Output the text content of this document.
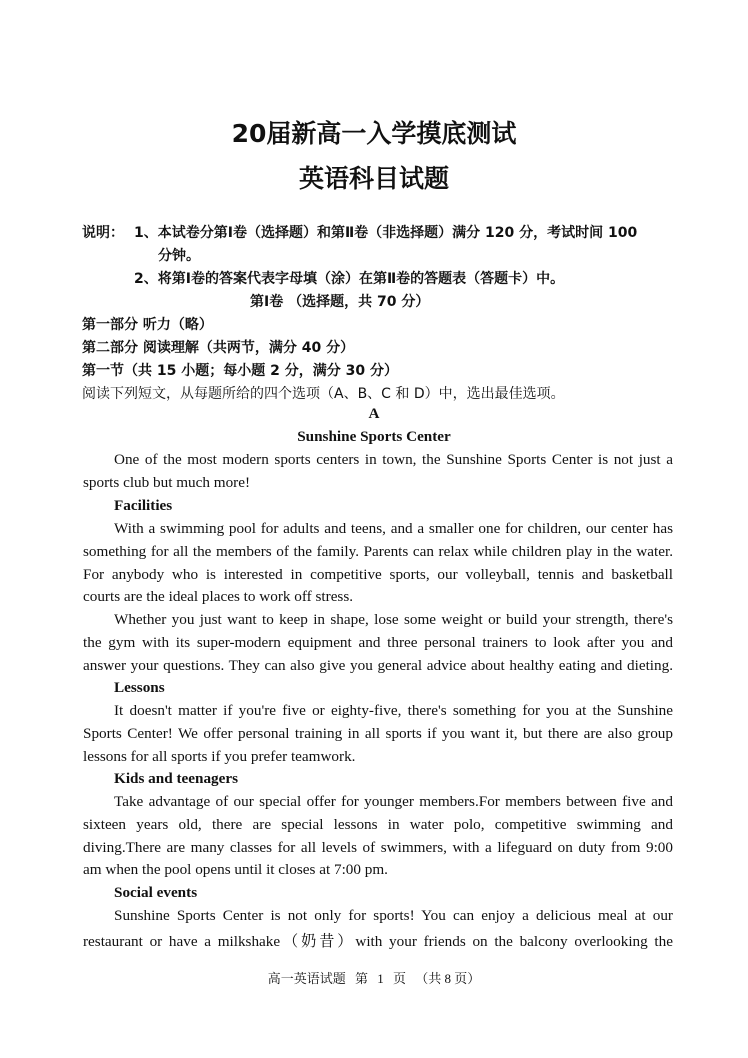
20届新高一入学摸底测试
英语科目试题
说明： 1、本试卷分第Ⅰ卷（选择题）和第Ⅱ卷（非选择题）满分 120 分，考试时间 100
分钟。
2、将第Ⅰ卷的答案代表字母填（涂）在第Ⅱ卷的答题表（答题卡）中。
第Ⅰ卷 （选择题，共 70 分）
第一部分 听力（略）
第二部分 阅读理解（共两节，满分 40 分）
第一节（共 15 小题；每小题 2 分，满分 30 分）
阅读下列短文，从每题所给的四个选项（A、B、C 和 D）中，选出最佳选项。
A
Sunshine Sports Center
One of the most modern sports centers in town, the Sunshine Sports Center is not just a
sports club but much more!
Facilities
With a swimming pool for adults and teens, and a smaller one for children, our center has
something for all the members of the family. Parents can relax while children play in the water.
For anybody who is interested in competitive sports, our volleyball, tennis and basketball
courts are the ideal places to work off stress.
Whether you just want to keep in shape, lose some weight or build your strength, there's
the gym with its super-modern equipment and three personal trainers to look after you and
answer your questions. They can also give you general advice about healthy eating and dieting.
Lessons
It doesn't matter if you're five or eighty-five, there's something for you at the Sunshine
Sports Center! We offer personal training in all sports if you want it, but there are also group
lessons for all sports if you prefer teamwork.
Kids and teenagers
Take advantage of our special offer for younger members.For members between five and
sixteen years old, there are special lessons in water polo, competitive swimming and
diving.There are many classes for all levels of swimmers, with a lifeguard on duty from 9:00
am when the pool opens until it closes at 7:00 pm.
Social events
Sunshine Sports Center is not only for sports! You can enjoy a delicious meal at our
restaurant or have a milkshake（奶昔）with your friends on the balcony overlooking the
高一英语试题 第 1 页 （共 8 页）
